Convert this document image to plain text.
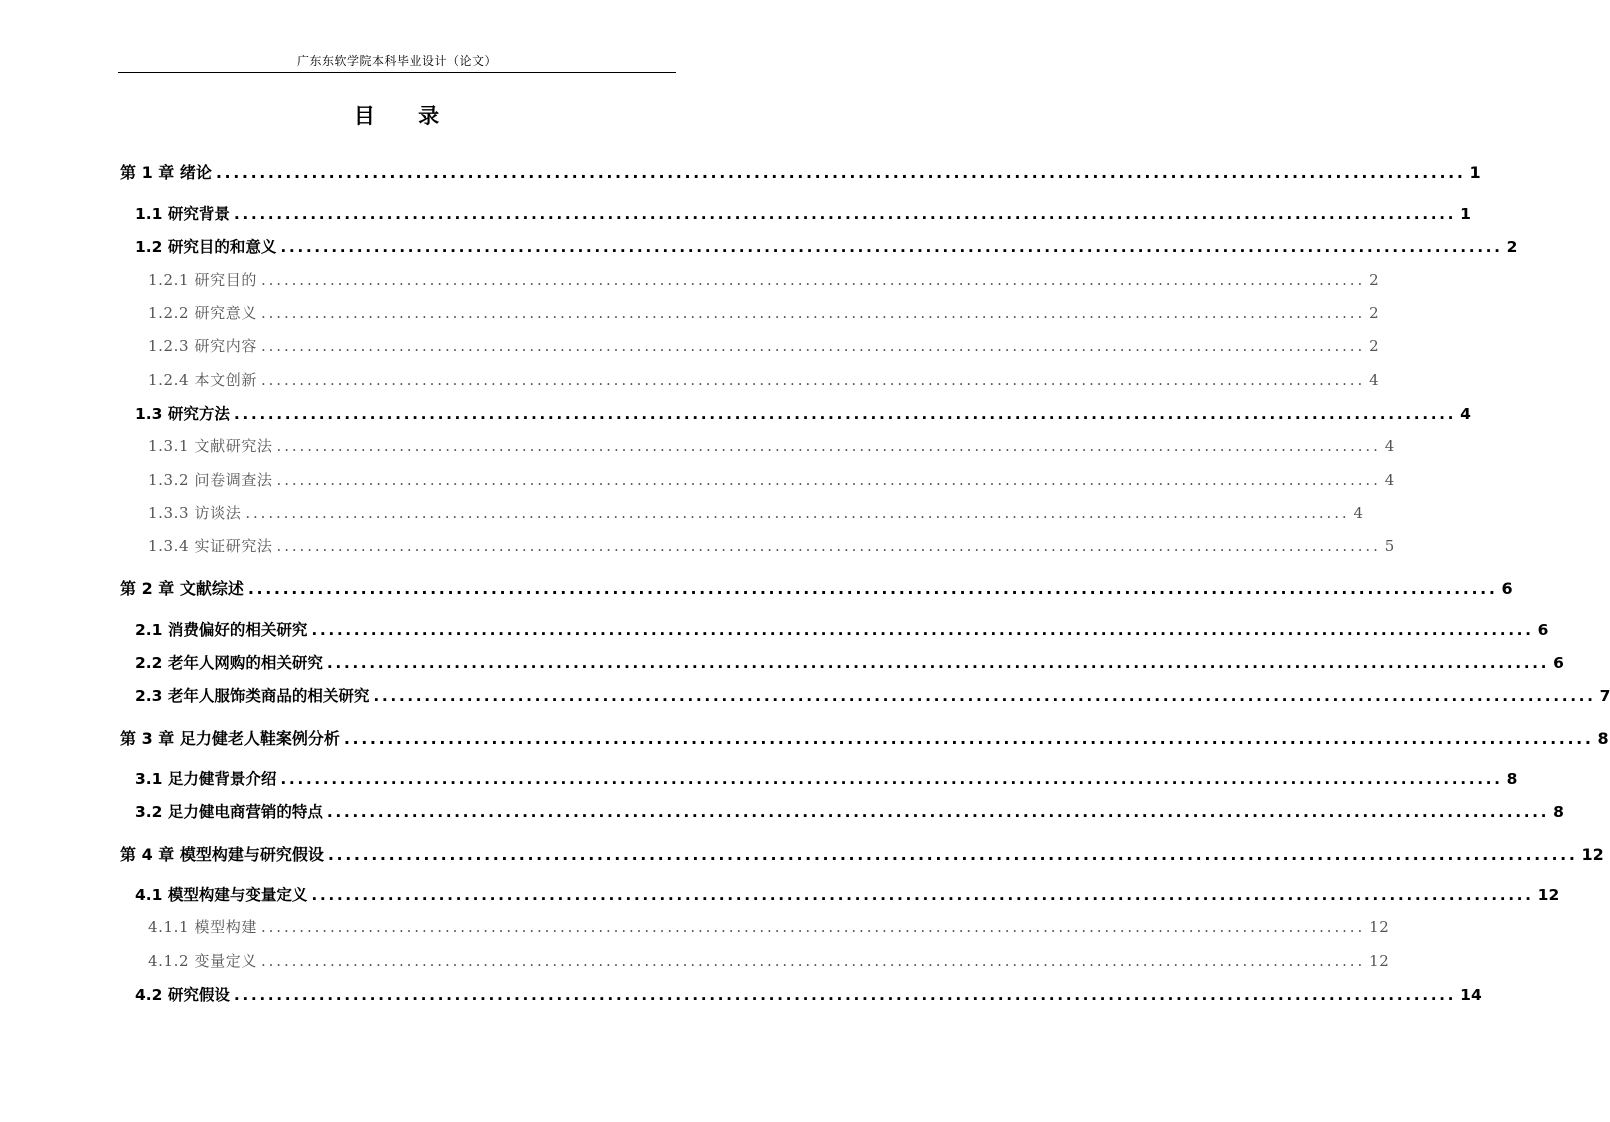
广东东软学院本科毕业设计（论文）
目 录
第 1 章 绪论 ................................................................................................................................................ 1
1.1 研究背景 ................................................................................................................................................ 1
1.2 研究目的和意义 ................................................................................................................................................ 2
1.2.1 研究目的 ................................................................................................................................................ 2
1.2.2 研究意义 ................................................................................................................................................ 2
1.2.3 研究内容 ................................................................................................................................................ 2
1.2.4 本文创新 ................................................................................................................................................ 4
1.3 研究方法 ................................................................................................................................................ 4
1.3.1 文献研究法 ................................................................................................................................................ 4
1.3.2 问卷调查法 ................................................................................................................................................ 4
1.3.3 访谈法 ................................................................................................................................................ 4
1.3.4 实证研究法 ................................................................................................................................................ 5
第 2 章 文献综述 ................................................................................................................................................ 6
2.1 消费偏好的相关研究 ................................................................................................................................................ 6
2.2 老年人网购的相关研究 ................................................................................................................................................ 6
2.3 老年人服饰类商品的相关研究 ................................................................................................................................................ 7
第 3 章 足力健老人鞋案例分析 ................................................................................................................................................ 8
3.1 足力健背景介绍 ................................................................................................................................................ 8
3.2 足力健电商营销的特点 ................................................................................................................................................ 8
第 4 章 模型构建与研究假设 ................................................................................................................................................ 12
4.1 模型构建与变量定义 ................................................................................................................................................ 12
4.1.1 模型构建 ................................................................................................................................................ 12
4.1.2 变量定义 ................................................................................................................................................ 12
4.2 研究假设 ................................................................................................................................................ 14
